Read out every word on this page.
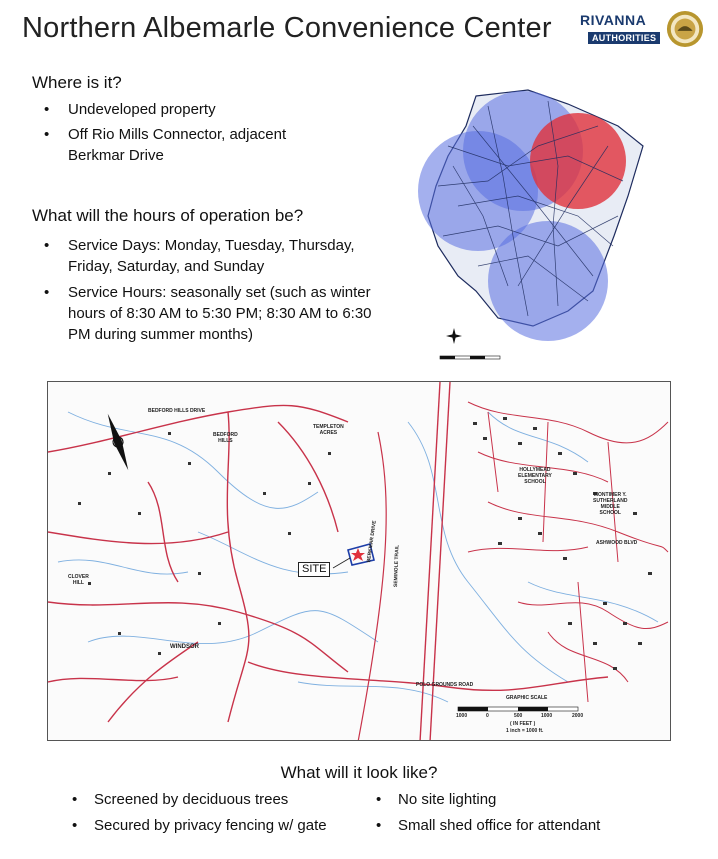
Northern Albemarle Convenience Center RIVANNA
AUTHORITIES
Where is it?
• Undeveloped property
• Off Rio Mills Connector, adjacent
Berkmar Drive
What will the hours of operation be?
• Service Days: Monday, Tuesday, Thursday,
Friday, Saturday, and Sunday
• Service Hours: seasonally set (such as winter
hours of 8:30 AM to 5:30 PM; 8:30 AM to 6:30
PM during summer months)
BEDFORD HILLS DRIVE
BEDFORD
HILLS
TEMPLETON
ACRES
HOLLYMEAD
ELEMENTARY
SCHOOL
MONTIMER Y.
SUTHERLAND
MIDDLE
SCHOOL
CLOVER
HILL
WINDSOR
SEMINOLE TRAIL
BERKMAR DRIVE
POLO GROUNDS ROAD
ASHWOOD BLVD
GRAPHIC SCALE
1000	0	500	1000	2000
( IN FEET )
1 inch = 1000 ft.
SITE
What will it look like?
• Screened by deciduous trees
• Secured by privacy fencing w/ gate
• No site lighting
• Small shed office for attendant
